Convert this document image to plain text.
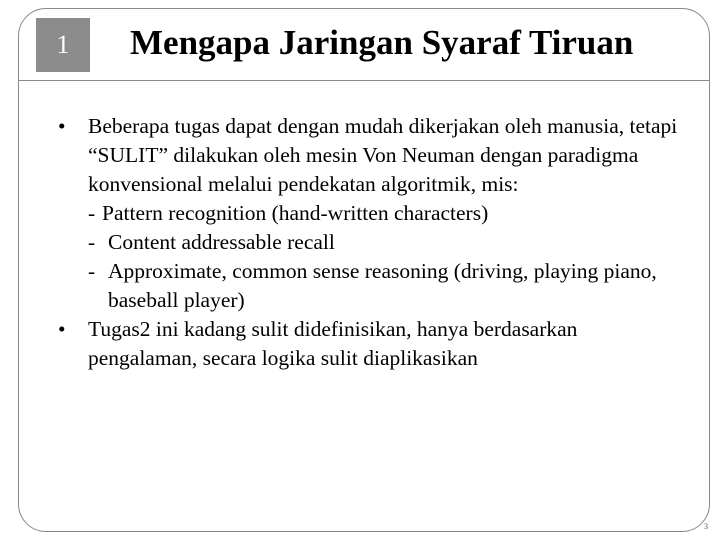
1 Mengapa Jaringan Syaraf Tiruan
•	Beberapa tugas dapat dengan mudah dikerjakan oleh manusia, tetapi “SULIT” dilakukan oleh mesin Von Neuman dengan paradigma konvensional melalui pendekatan algoritmik, mis:
- Pattern recognition (hand-written characters)
- Content addressable recall
- Approximate, common sense reasoning (driving, playing piano, baseball player)
•	Tugas2 ini kadang sulit didefinisikan, hanya berdasarkan pengalaman, secara logika sulit diaplikasikan
3
